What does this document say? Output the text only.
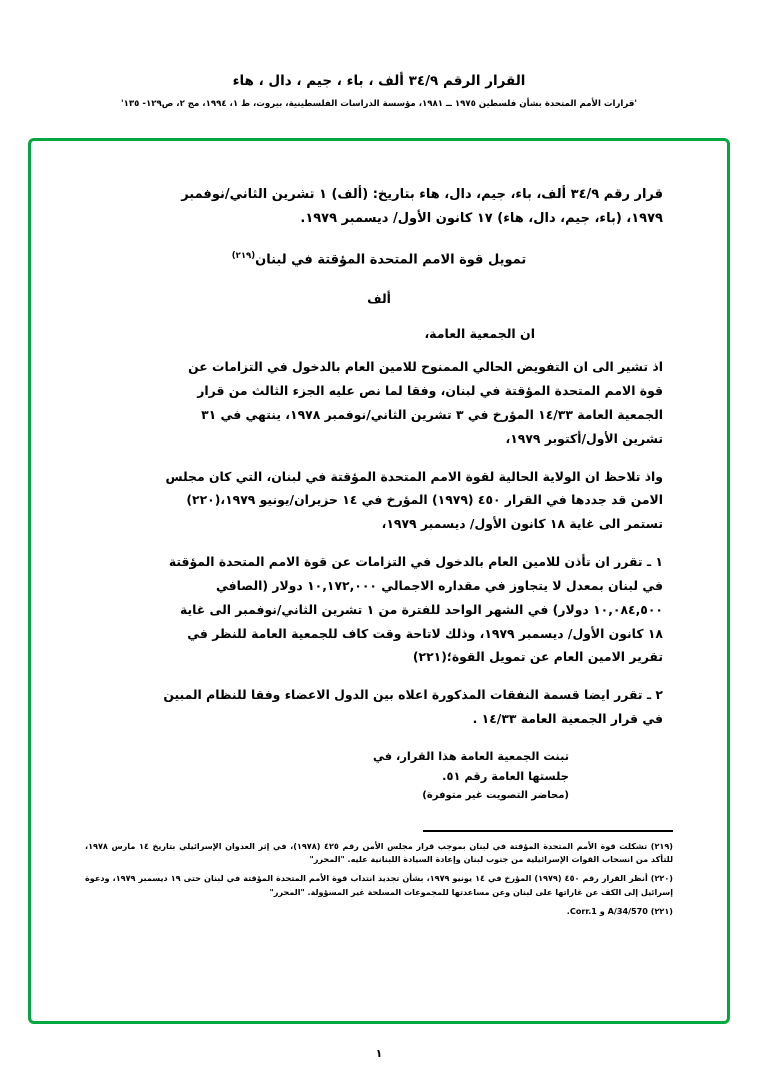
القرار الرقم ٣٤/٩ ألف ، باء ، جيم ، دال ، هاء
'قرارات الأمم المتحدة بشأن فلسطين ١٩٧٥ ــ ١٩٨١، مؤسسة الدراسات الفلسطينية، بيروت، ط ١، ١٩٩٤، مج ٢، ص١٢٩- ١٣٥'
قرار رقم ٣٤/٩ ألف، باء، جيم، دال، هاء بتاريخ: (ألف) ١ تشرين الثاني/نوفمبر ١٩٧٩، (باء، جيم، دال، هاء) ١٧ كانون الأول/ ديسمبر ١٩٧٩.
تمويل قوة الامم المتحدة المؤقتة في لبنان$^{(٢١٩)}$
ألف
ان الجمعية العامة،
اذ تشير الى ان التفويض الحالي الممنوح للامين العام بالدخول في التزامات عن قوة الامم المتحدة المؤقتة في لبنان، وفقا لما نص عليه الجزء الثالث من قرار الجمعية العامة ١٤/٣٣ المؤرخ في ٣ تشرين الثاني/نوفمبر ١٩٧٨، ينتهي في ٣١ تشرين الأول/أكتوبر ١٩٧٩،
واذ تلاحظ ان الولاية الحالية لقوة الامم المتحدة المؤقتة في لبنان، التي كان مجلس الامن قد جددها في القرار ٤٥٠ (١٩٧٩) المؤرخ في ١٤ حزيران/يونيو ١٩٧٩،(٢٢٠) تستمر الى غاية ١٨ كانون الأول/ ديسمبر ١٩٧٩،
١ ـ تقرر ان تأذن للامين العام بالدخول في التزامات عن قوة الامم المتحدة المؤقتة في لبنان بمعدل لا يتجاوز في مقداره الاجمالي ١٠,١٧٢,٠٠٠ دولار (الصافي ١٠,٠٨٤,٥٠٠ دولار) في الشهر الواحد للفترة من ١ تشرين الثاني/نوفمبر الى غاية ١٨ كانون الأول/ ديسمبر ١٩٧٩، وذلك لاتاحة وقت كاف للجمعية العامة للنظر في تقرير الامين العام عن تمويل القوة؛(٢٢١)
٢ ـ تقرر ايضا قسمة النفقات المذكورة اعلاه بين الدول الاعضاء وفقا للنظام المبين في قرار الجمعية العامة ١٤/٣٣ .
تبنت الجمعية العامة هذا القرار، في
جلستها العامة رقم ٥١.
(محاضر التصويت غير متوفرة)
(٢١٩) تشكلت قوة الأمم المتحدة المؤقتة في لبنان بموجب قرار مجلس الأمن رقم ٤٢٥ (١٩٧٨)، في إثر العدوان الإسرائيلي بتاريخ ١٤ مارس ١٩٧٨، للتأكد من انسحاب القوات الإسرائيلية من جنوب لبنان وإعادة السيادة اللبنانية عليه. "المحرر"
(٢٢٠) أنظر القرار رقم ٤٥٠ (١٩٧٩) المؤرخ في ١٤ يونيو ١٩٧٩، بشأن تجديد انتداب قوة الأمم المتحدة المؤقتة في لبنان حتى ١٩ ديسمبر ١٩٧٩، ودعوة إسرائيل إلى الكف عن غاراتها على لبنان وعن مساعدتها للمجموعات المسلحة غير المسؤولة. "المحرر"
(٢٢١) A/34/570 و Corr.1.
١
